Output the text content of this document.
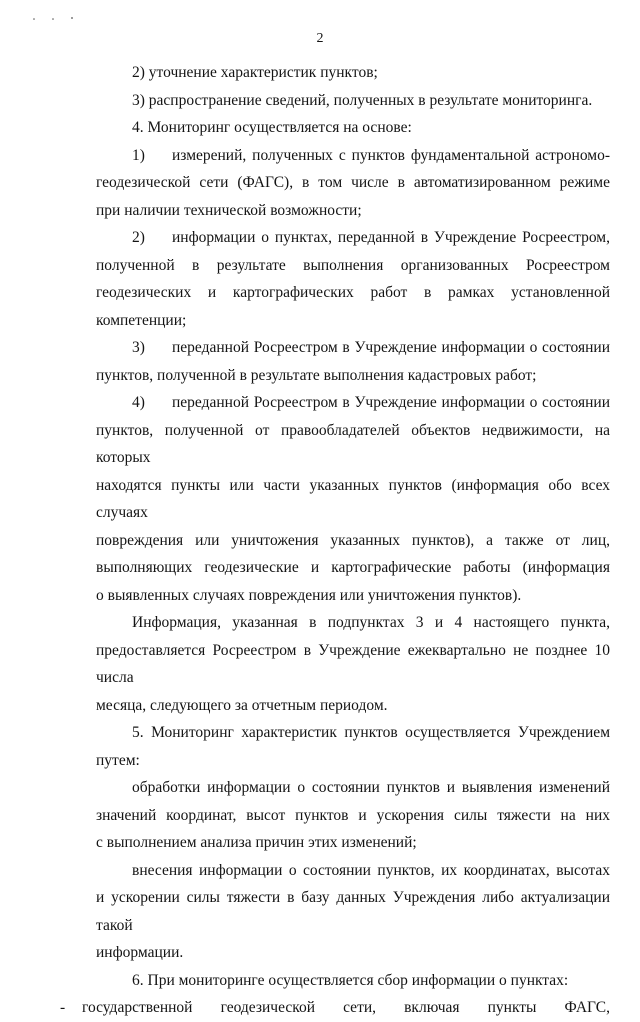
2
2) уточнение характеристик пунктов;
3) распространение сведений, полученных в результате мониторинга.
4. Мониторинг осуществляется на основе:
1) измерений, полученных с пунктов фундаментальной астрономо-
геодезической сети (ФАГС), в том числе в автоматизированном режиме
при наличии технической возможности;
2) информации о пунктах, переданной в Учреждение Росреестром,
полученной в результате выполнения организованных Росреестром
геодезических и картографических работ в рамках установленной компетенции;
3) переданной Росреестром в Учреждение информации о состоянии
пунктов, полученной в результате выполнения кадастровых работ;
4) переданной Росреестром в Учреждение информации о состоянии
пунктов, полученной от правообладателей объектов недвижимости, на которых
находятся пункты или части указанных пунктов (информация обо всех случаях
повреждения или уничтожения указанных пунктов), а также от лиц,
выполняющих геодезические и картографические работы (информация
о выявленных случаях повреждения или уничтожения пунктов).
Информация, указанная в подпунктах 3 и 4 настоящего пункта,
предоставляется Росреестром в Учреждение ежеквартально не позднее 10 числа
месяца, следующего за отчетным периодом.
5. Мониторинг характеристик пунктов осуществляется Учреждением
путем:
обработки информации о состоянии пунктов и выявления изменений
значений координат, высот пунктов и ускорения силы тяжести на них
с выполнением анализа причин этих изменений;
внесения информации о состоянии пунктов, их координатах, высотах
и ускорении силы тяжести в базу данных Учреждения либо актуализации такой
информации.
6. При мониторинге осуществляется сбор информации о пунктах:
- государственной геодезической сети, включая пункты ФАГС,
